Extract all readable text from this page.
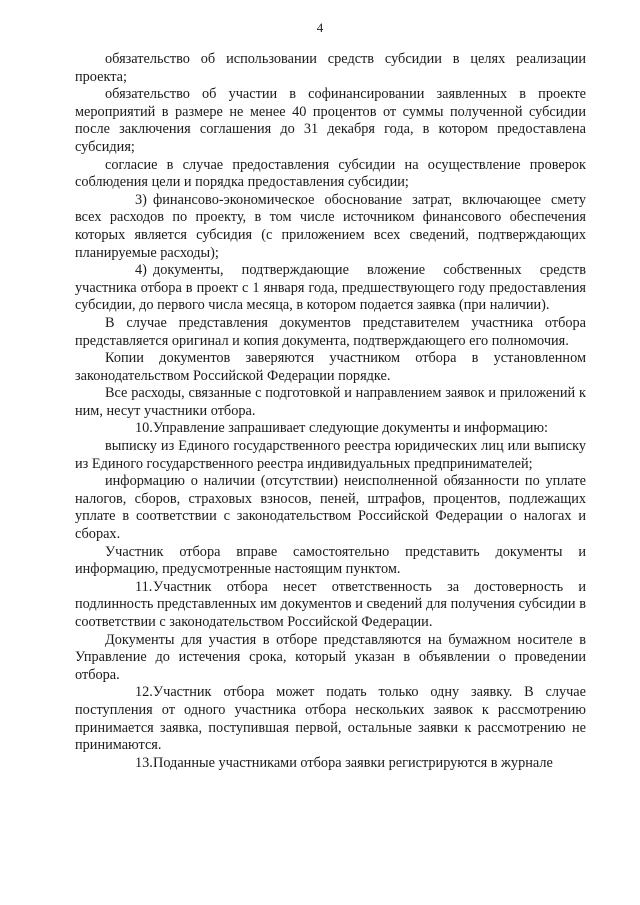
4

обязательство об использовании средств субсидии в целях реализации проекта;

обязательство об участии в софинансировании заявленных в проекте мероприятий в размере не менее 40 процентов от суммы полученной субсидии после заключения соглашения до 31 декабря года, в котором предоставлена субсидия;

согласие в случае предоставления субсидии на осуществление проверок соблюдения цели и порядка предоставления субсидии;

3) финансово-экономическое обоснование затрат, включающее смету всех расходов по проекту, в том числе источником финансового обеспечения которых является субсидия (с приложением всех сведений, подтверждающих планируемые расходы);

4) документы, подтверждающие вложение собственных средств участника отбора в проект с 1 января года, предшествующего году предоставления субсидии, до первого числа месяца, в котором подается заявка (при наличии).

В случае представления документов представителем участника отбора представляется оригинал и копия документа, подтверждающего его полномочия.

Копии документов заверяются участником отбора в установленном законодательством Российской Федерации порядке.

Все расходы, связанные с подготовкой и направлением заявок и приложений к ним, несут участники отбора.

10.Управление запрашивает следующие документы и информацию:

выписку из Единого государственного реестра юридических лиц или выписку из Единого государственного реестра индивидуальных предпринимателей;

информацию о наличии (отсутствии) неисполненной обязанности по уплате налогов, сборов, страховых взносов, пеней, штрафов, процентов, подлежащих уплате в соответствии с законодательством Российской Федерации о налогах и сборах.

Участник отбора вправе самостоятельно представить документы и информацию, предусмотренные настоящим пунктом.

11.Участник отбора несет ответственность за достоверность и подлинность представленных им документов и сведений для получения субсидии в соответствии с законодательством Российской Федерации.

Документы для участия в отборе представляются на бумажном носителе в Управление до истечения срока, который указан в объявлении о проведении отбора.

12.Участник отбора может подать только одну заявку. В случае поступления от одного участника отбора нескольких заявок к рассмотрению принимается заявка, поступившая первой, остальные заявки к рассмотрению не принимаются.

13.Поданные участниками отбора заявки регистрируются в журнале
